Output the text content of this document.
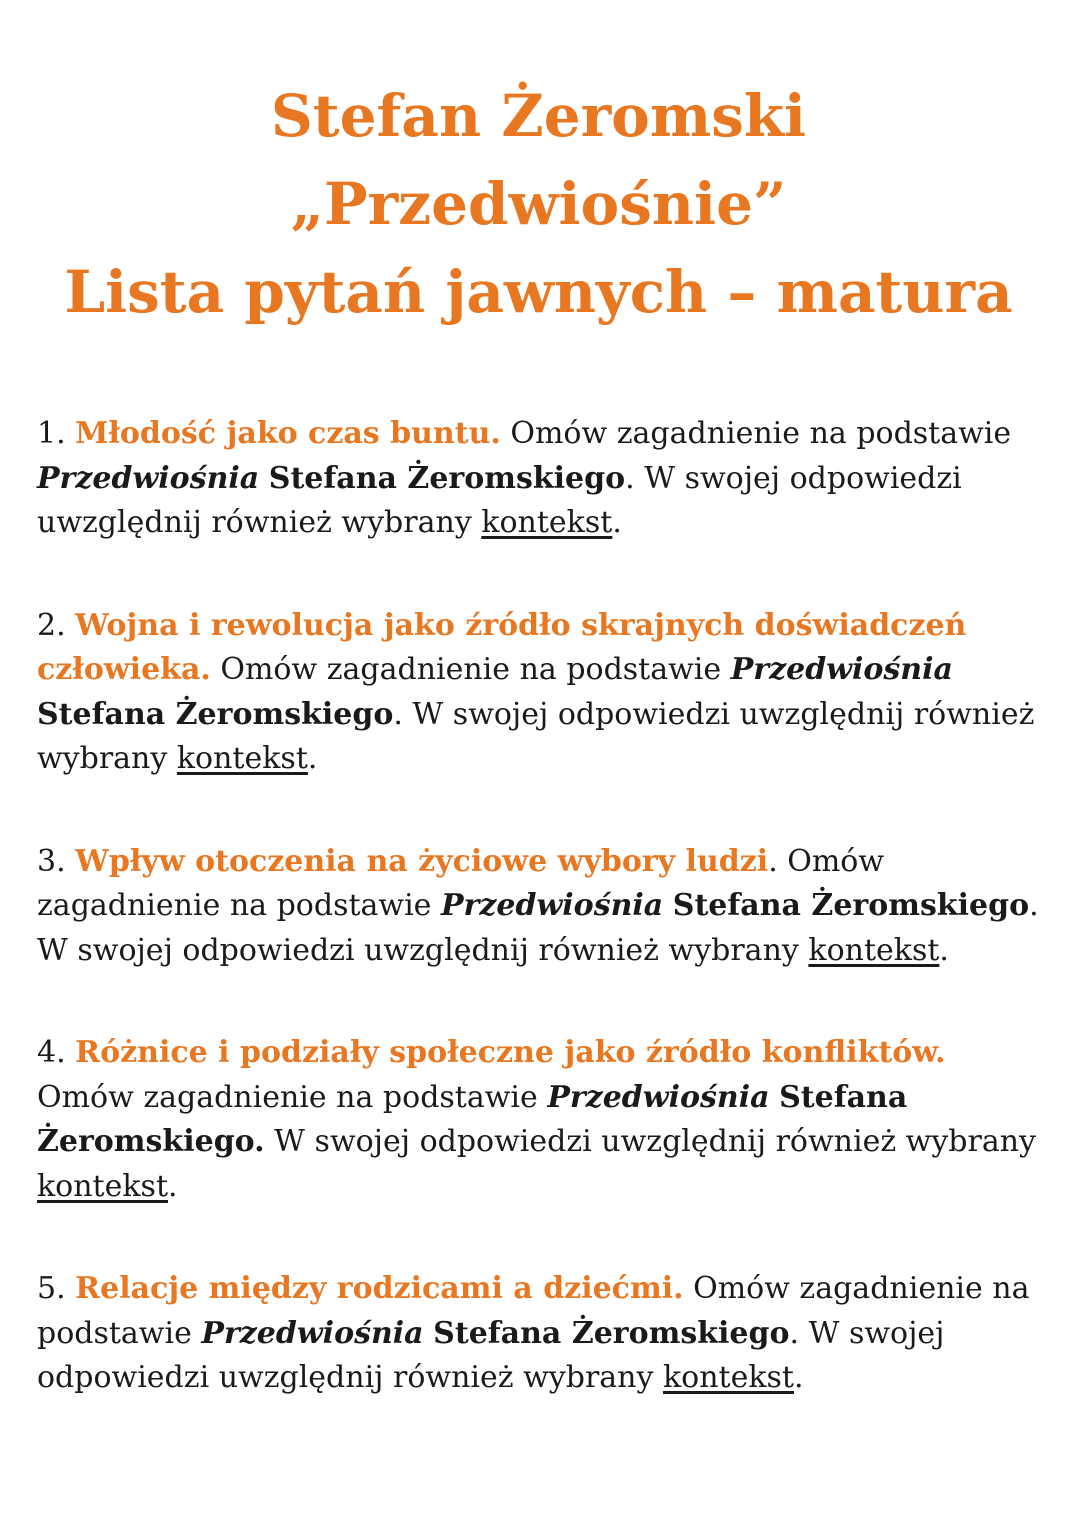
Stefan Żeromski
„Przedwiośnie”
Lista pytań jawnych – matura

1. Młodość jako czas buntu. Omów zagadnienie na podstawie Przedwiośnia Stefana Żeromskiego. W swojej odpowiedzi uwzględnij również wybrany kontekst.

2. Wojna i rewolucja jako źródło skrajnych doświadczeń człowieka. Omów zagadnienie na podstawie Przedwiośnia Stefana Żeromskiego. W swojej odpowiedzi uwzględnij również wybrany kontekst.

3. Wpływ otoczenia na życiowe wybory ludzi. Omów zagadnienie na podstawie Przedwiośnia Stefana Żeromskiego. W swojej odpowiedzi uwzględnij również wybrany kontekst.

4. Różnice i podziały społeczne jako źródło konfliktów. Omów zagadnienie na podstawie Przedwiośnia Stefana Żeromskiego. W swojej odpowiedzi uwzględnij również wybrany kontekst.

5. Relacje między rodzicami a dziećmi. Omów zagadnienie na podstawie Przedwiośnia Stefana Żeromskiego. W swojej odpowiedzi uwzględnij również wybrany kontekst.
